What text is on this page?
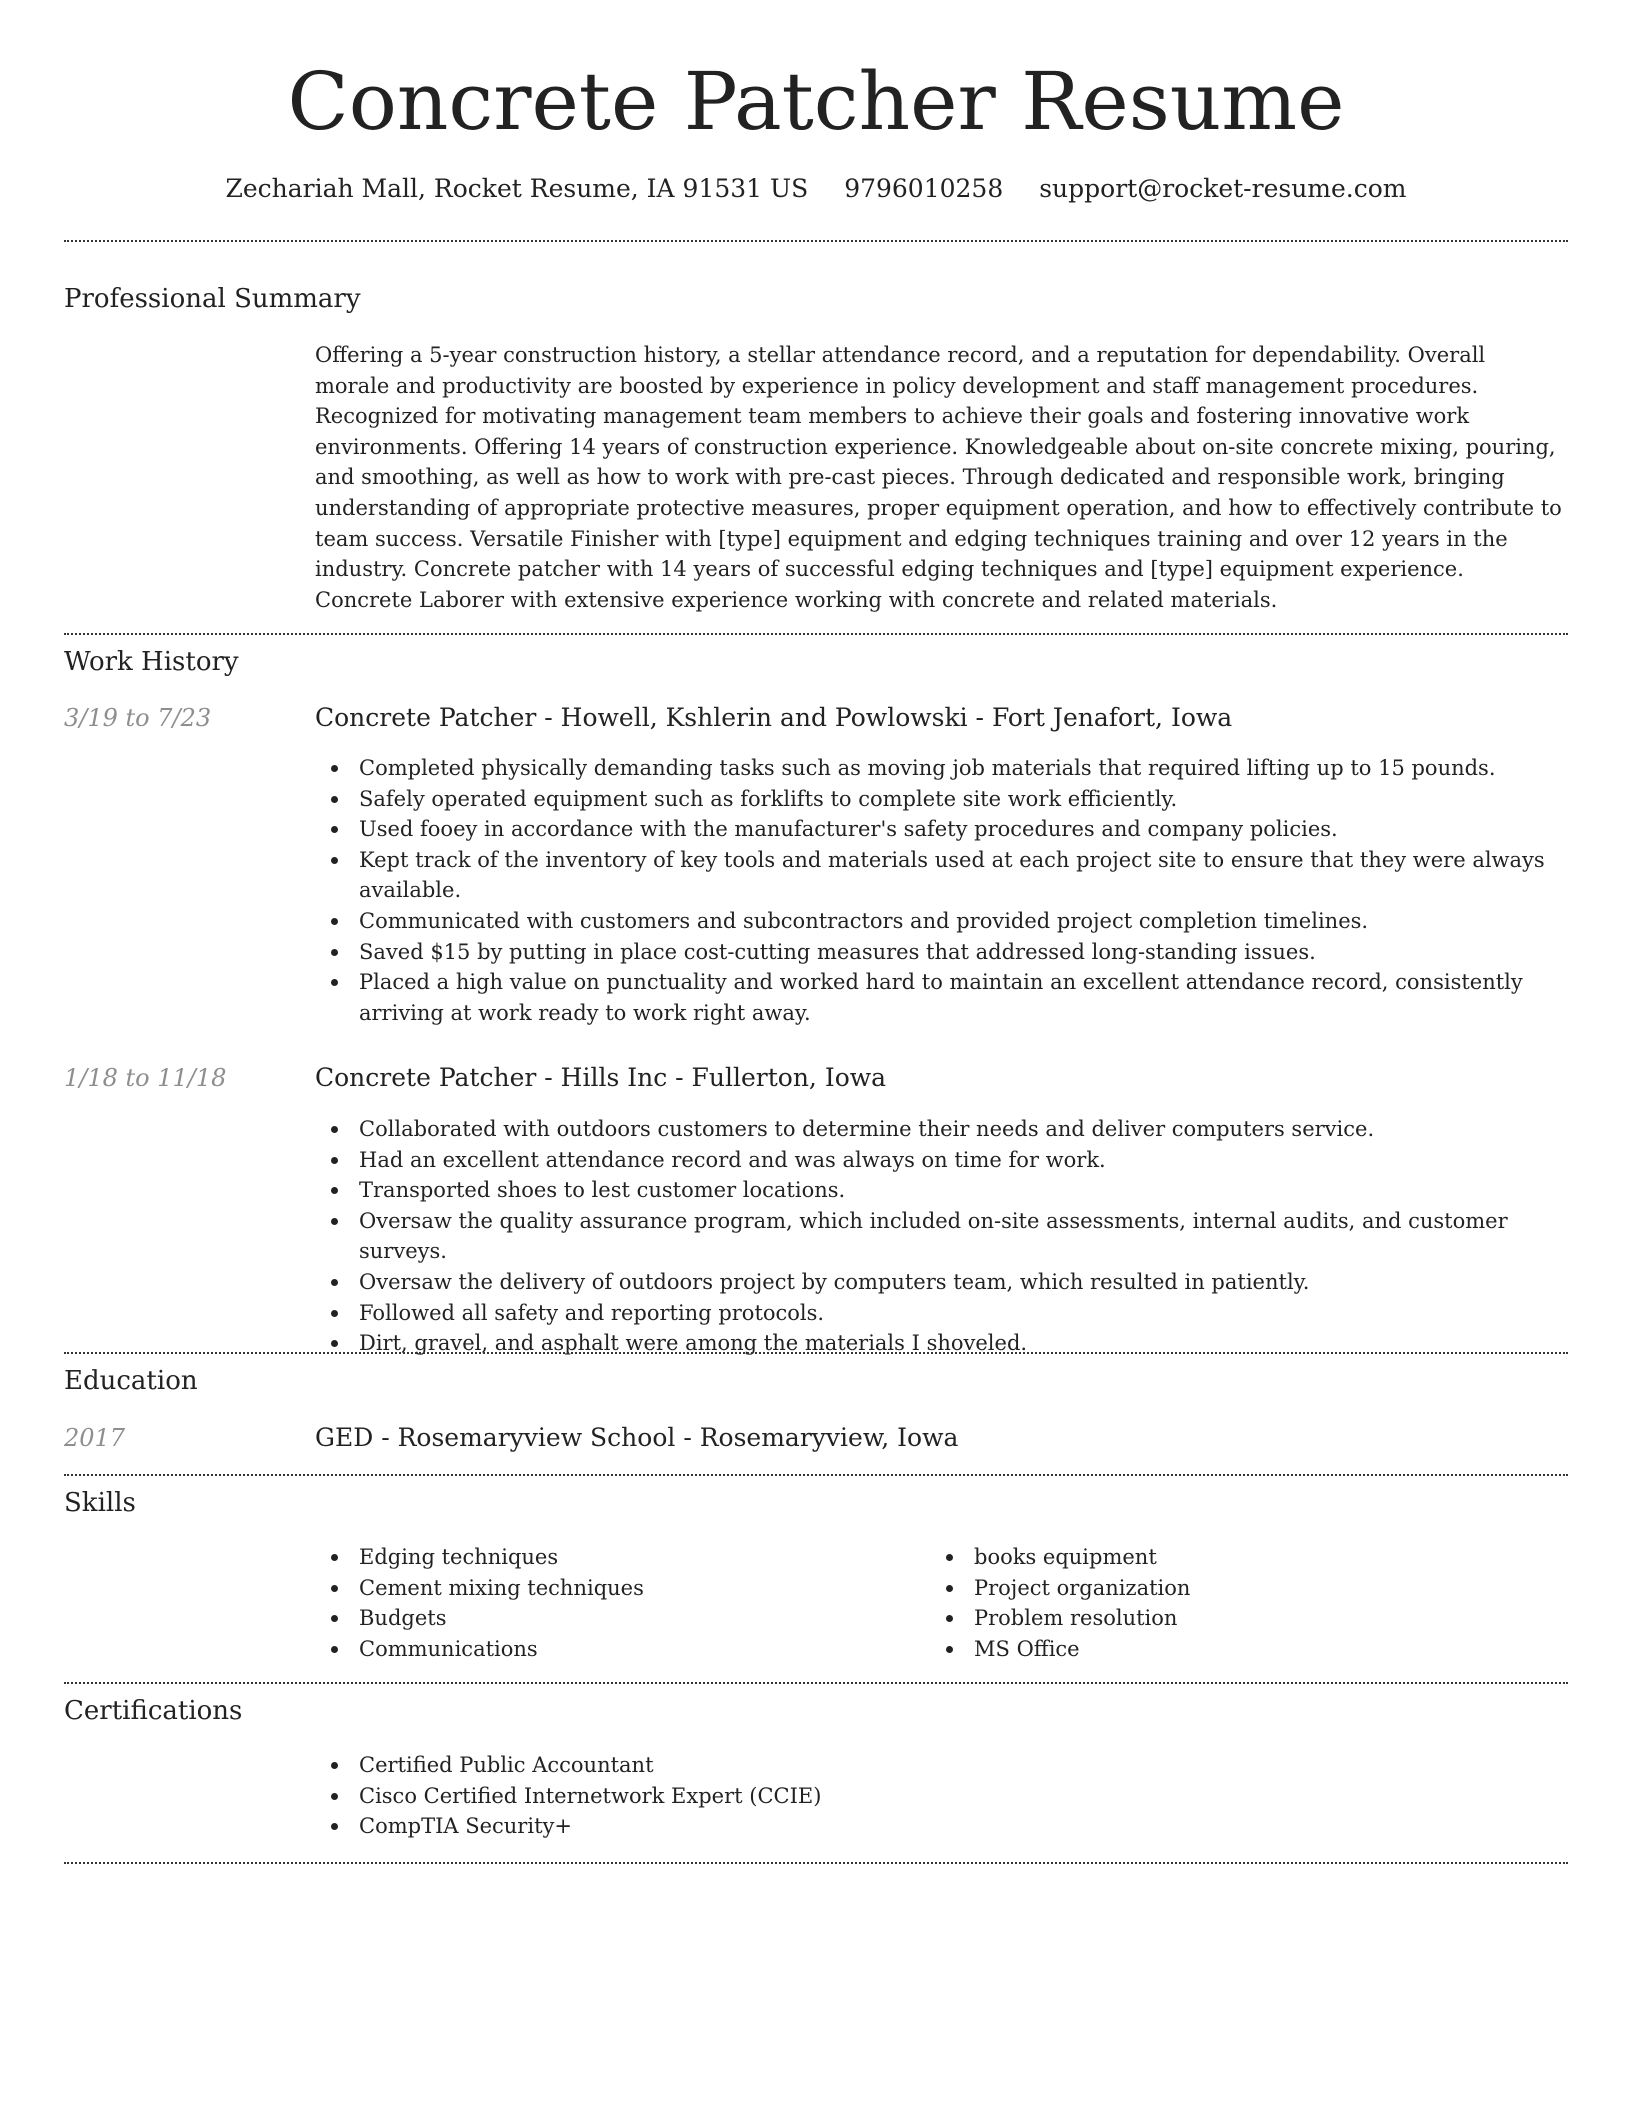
Concrete Patcher Resume
Zechariah Mall, Rocket Resume, IA 91531 US 9796010258 support@rocket-resume.com
Professional Summary

Offering a 5-year construction history, a stellar attendance record, and a reputation for dependability. Overall morale and productivity are boosted by experience in policy development and staff management procedures. Recognized for motivating management team members to achieve their goals and fostering innovative work environments. Offering 14 years of construction experience. Knowledgeable about on-site concrete mixing, pouring, and smoothing, as well as how to work with pre-cast pieces. Through dedicated and responsible work, bringing understanding of appropriate protective measures, proper equipment operation, and how to effectively contribute to team success. Versatile Finisher with [type] equipment and edging techniques training and over 12 years in the industry. Concrete patcher with 14 years of successful edging techniques and [type] equipment experience. Concrete Laborer with extensive experience working with concrete and related materials.

Work History
3/19 to 7/23	Concrete Patcher - Howell, Kshlerin and Powlowski - Fort Jenafort, Iowa
Completed physically demanding tasks such as moving job materials that required lifting up to 15 pounds.
Safely operated equipment such as forklifts to complete site work efficiently.
Used fooey in accordance with the manufacturer's safety procedures and company policies.
Kept track of the inventory of key tools and materials used at each project site to ensure that they were always available.
Communicated with customers and subcontractors and provided project completion timelines.
Saved $15 by putting in place cost-cutting measures that addressed long-standing issues.
Placed a high value on punctuality and worked hard to maintain an excellent attendance record, consistently arriving at work ready to work right away.
1/18 to 11/18	Concrete Patcher - Hills Inc - Fullerton, Iowa
Collaborated with outdoors customers to determine their needs and deliver computers service.
Had an excellent attendance record and was always on time for work.
Transported shoes to lest customer locations.
Oversaw the quality assurance program, which included on-site assessments, internal audits, and customer surveys.
Oversaw the delivery of outdoors project by computers team, which resulted in patiently.
Followed all safety and reporting protocols.
Dirt, gravel, and asphalt were among the materials I shoveled.
Education
2017	GED - Rosemaryview School - Rosemaryview, Iowa
Skills
Edging techniques
Cement mixing techniques
Budgets
Communications
books equipment
Project organization
Problem resolution
MS Office
Certifications
Certified Public Accountant
Cisco Certified Internetwork Expert (CCIE)
CompTIA Security+
